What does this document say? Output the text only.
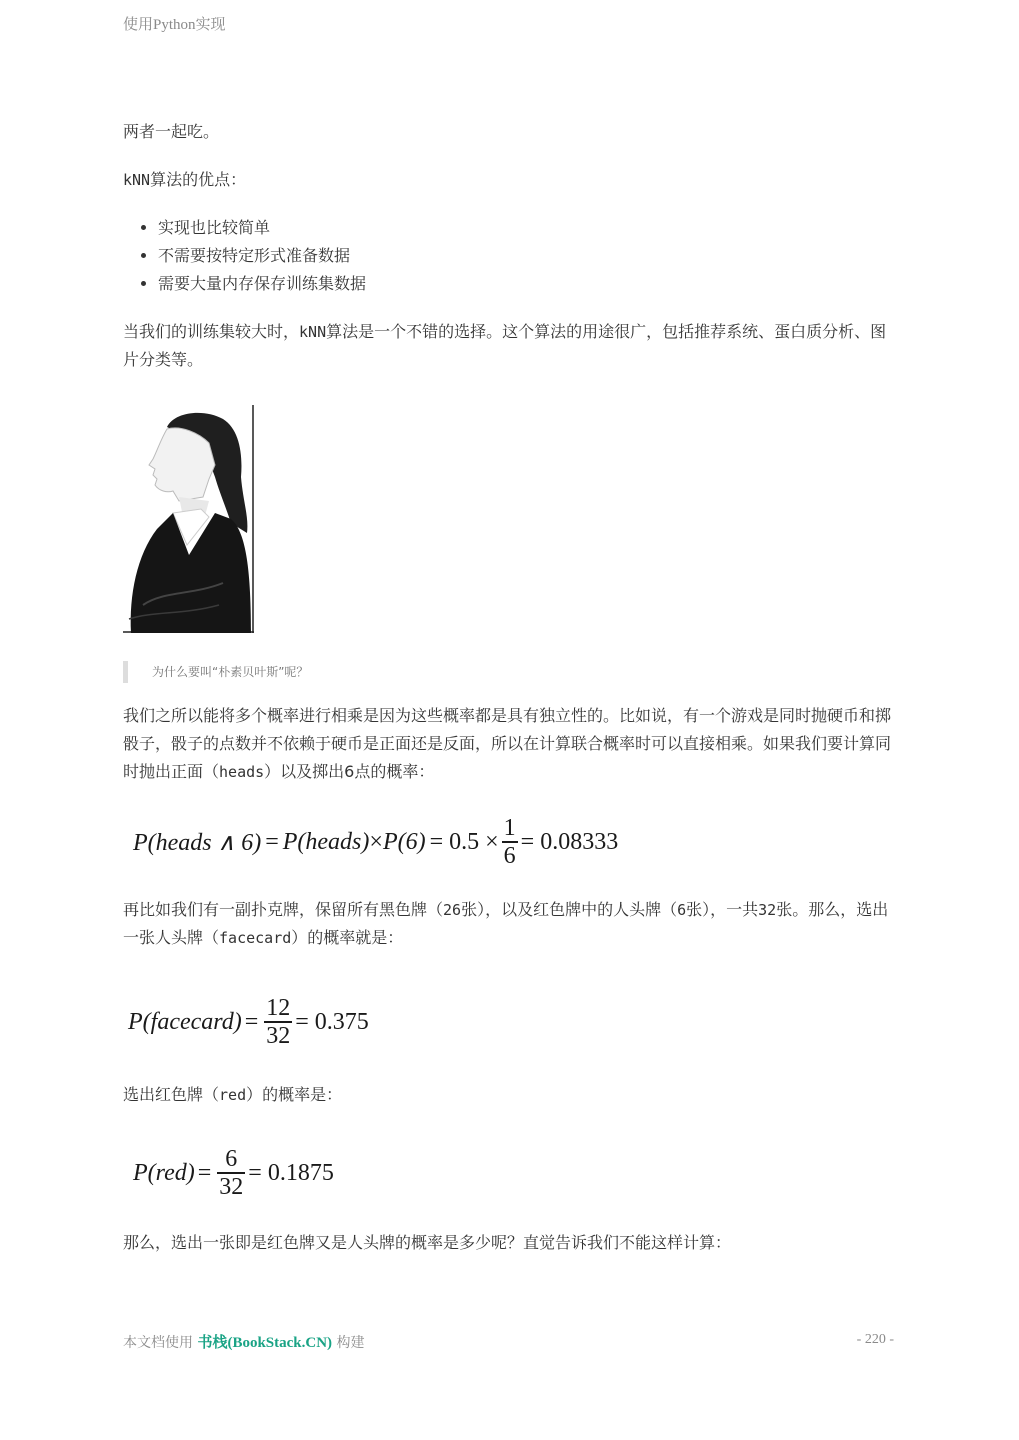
使用Python实现

两者一起吃。

kNN算法的优点：

• 实现也比较简单
• 不需要按特定形式准备数据
• 需要大量内存保存训练集数据

当我们的训练集较大时，kNN算法是一个不错的选择。这个算法的用途很广，包括推荐系统、蛋白质分析、图片分类等。

为什么要叫“朴素贝叶斯”呢？

我们之所以能将多个概率进行相乘是因为这些概率都是具有独立性的。比如说，有一个游戏是同时抛硬币和掷骰子，骰子的点数并不依赖于硬币是正面还是反面，所以在计算联合概率时可以直接相乘。如果我们要计算同时抛出正面（heads）以及掷出6点的概率：

P(heads ∧ 6) = P(heads) × $P(6) = 0.5 \times \frac{1}{6} = 0.08333$

再比如我们有一副扑克牌，保留所有黑色牌（26张），以及红色牌中的人头牌（6张），一共32张。那么，选出一张人头牌（facecard）的概率就是：

P(facecard) = $\frac{12}{32} = 0.375$

选出红色牌（red）的概率是：

$P(red) = \frac{6}{32} = 0.1875$

那么，选出一张即是红色牌又是人头牌的概率是多少呢？直觉告诉我们不能这样计算：

本文档使用 书栈(BookStack.CN) 构建	- 220 -
